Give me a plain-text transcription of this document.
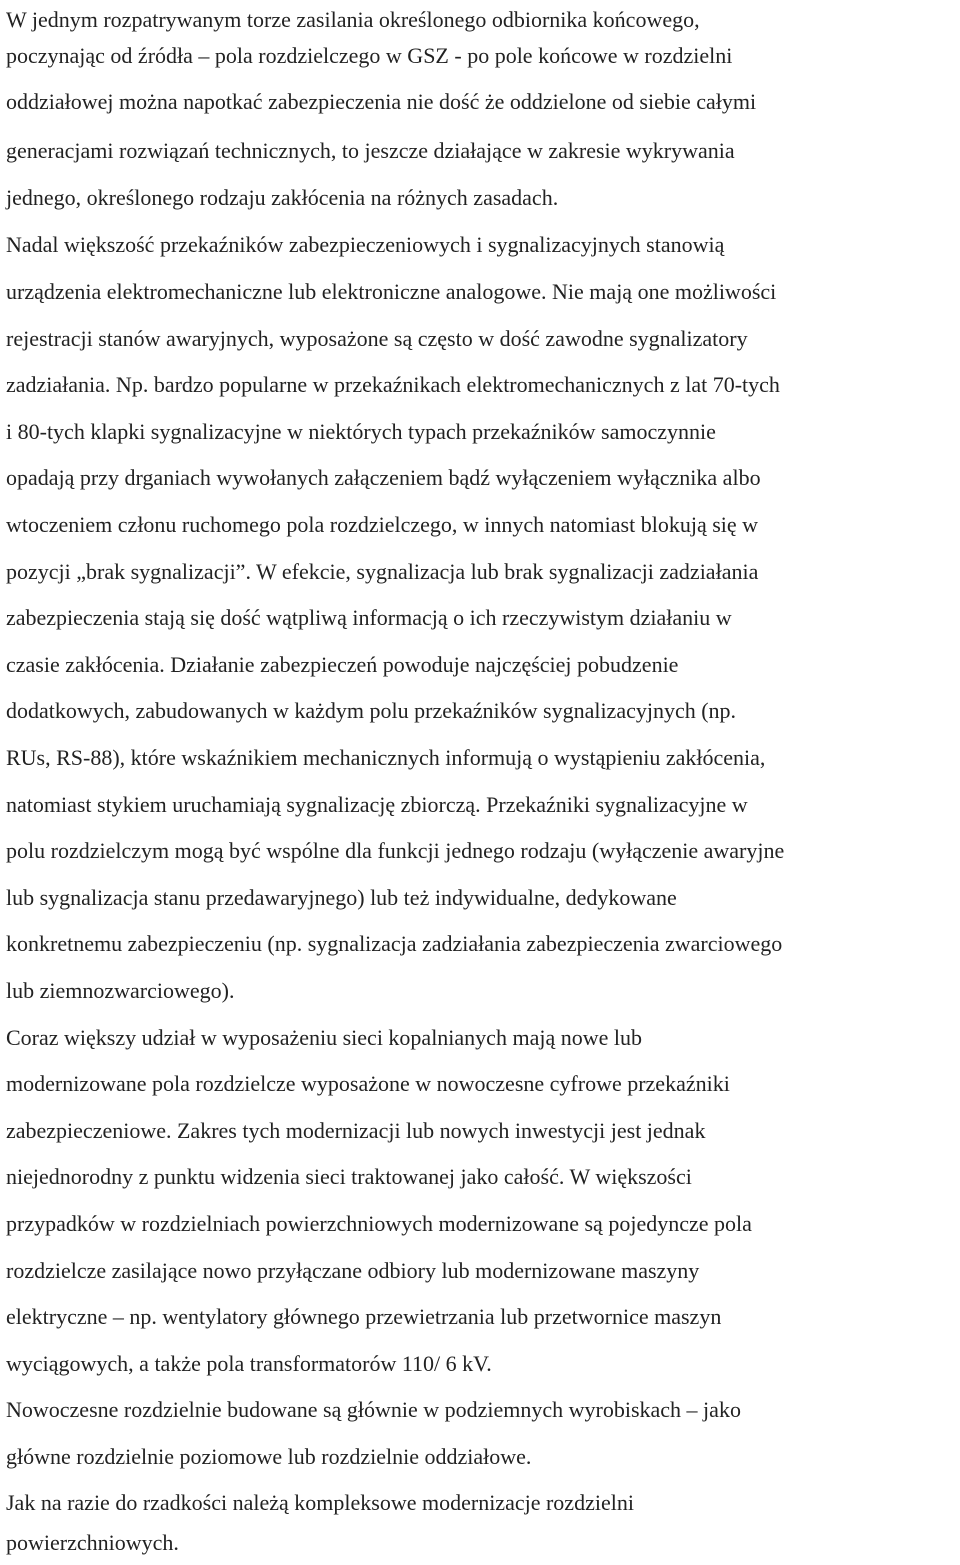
W jednym rozpatrywanym torze zasilania określonego odbiornika końcowego,
poczynając od źródła – pola rozdzielczego w GSZ - po pole końcowe w rozdzielni
oddziałowej można napotkać zabezpieczenia nie dość że oddzielone od siebie całymi
generacjami rozwiązań technicznych, to jeszcze działające w zakresie wykrywania
jednego, określonego rodzaju zakłócenia na różnych zasadach.
Nadal większość przekaźników zabezpieczeniowych i sygnalizacyjnych stanowią
urządzenia elektromechaniczne lub elektroniczne analogowe. Nie mają one możliwości
rejestracji stanów awaryjnych, wyposażone są często w dość zawodne sygnalizatory
zadziałania. Np. bardzo popularne w przekaźnikach elektromechanicznych z lat 70-tych
i 80-tych klapki sygnalizacyjne w niektórych typach przekaźników samoczynnie
opadają przy drganiach wywołanych załączeniem bądź wyłączeniem wyłącznika albo
wtoczeniem członu ruchomego pola rozdzielczego, w innych natomiast blokują się w
pozycji „brak sygnalizacji”. W efekcie, sygnalizacja lub brak sygnalizacji zadziałania
zabezpieczenia stają się dość wątpliwą informacją o ich rzeczywistym działaniu w
czasie zakłócenia. Działanie zabezpieczeń powoduje najczęściej pobudzenie
dodatkowych, zabudowanych w każdym polu przekaźników sygnalizacyjnych (np.
RUs, RS-88), które wskaźnikiem mechanicznych informują o wystąpieniu zakłócenia,
natomiast stykiem uruchamiają sygnalizację zbiorczą. Przekaźniki sygnalizacyjne w
polu rozdzielczym mogą być wspólne dla funkcji jednego rodzaju (wyłączenie awaryjne
lub sygnalizacja stanu przedawaryjnego) lub też indywidualne, dedykowane
konkretnemu zabezpieczeniu (np. sygnalizacja zadziałania zabezpieczenia zwarciowego
lub ziemnozwarciowego).
Coraz większy udział w wyposażeniu sieci kopalnianych mają nowe lub
modernizowane pola rozdzielcze wyposażone w nowoczesne cyfrowe przekaźniki
zabezpieczeniowe. Zakres tych modernizacji lub nowych inwestycji jest jednak
niejednorodny z punktu widzenia sieci traktowanej jako całość. W większości
przypadków w rozdzielniach powierzchniowych modernizowane są pojedyncze pola
rozdzielcze zasilające nowo przyłączane odbiory lub modernizowane maszyny
elektryczne – np. wentylatory głównego przewietrzania lub przetwornice maszyn
wyciągowych, a także pola transformatorów 110/ 6 kV.
Nowoczesne rozdzielnie budowane są głównie w podziemnych wyrobiskach – jako
główne rozdzielnie poziomowe lub rozdzielnie oddziałowe.
Jak na razie do rzadkości należą kompleksowe modernizacje rozdzielni
powierzchniowych.
